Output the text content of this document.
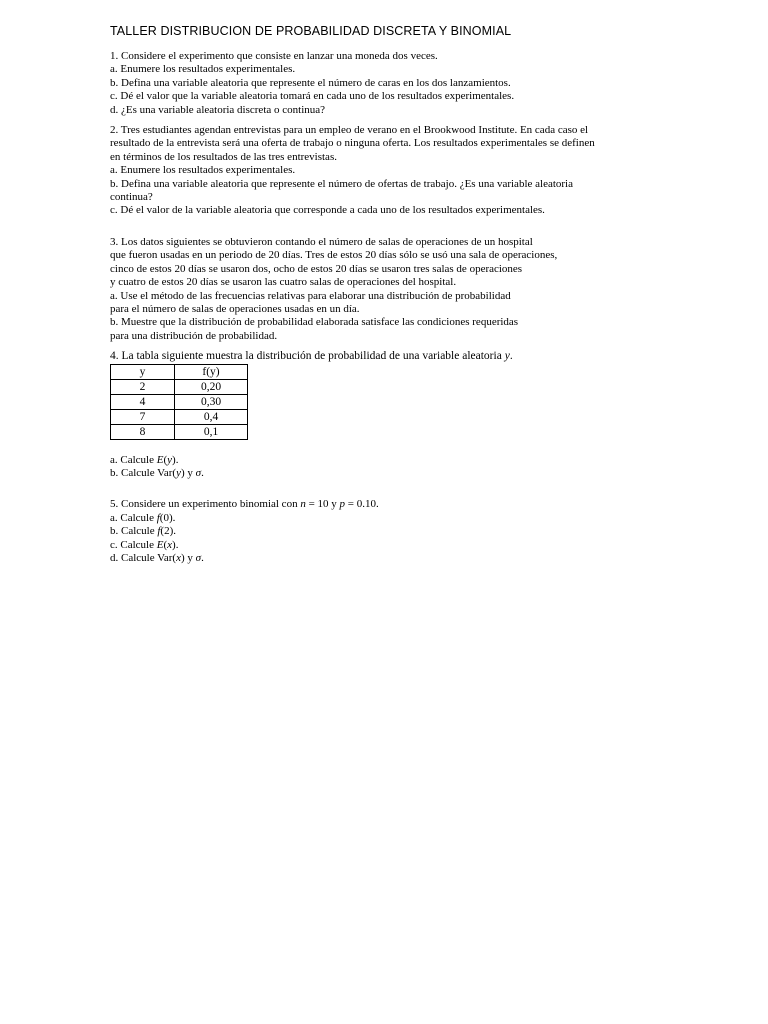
TALLER DISTRIBUCION DE PROBABILIDAD DISCRETA Y BINOMIAL
1. Considere el experimento que consiste en lanzar una moneda dos veces.
a. Enumere los resultados experimentales.
b. Defina una variable aleatoria que represente el número de caras en los dos lanzamientos.
c. Dé el valor que la variable aleatoria tomará en cada uno de los resultados experimentales.
d. ¿Es una variable aleatoria discreta o continua?
2. Tres estudiantes agendan entrevistas para un empleo de verano en el Brookwood Institute. En cada caso el
resultado de la entrevista será una oferta de trabajo o ninguna oferta. Los resultados experimentales se definen
en términos de los resultados de las tres entrevistas.
a. Enumere los resultados experimentales.
b. Defina una variable aleatoria que represente el número de ofertas de trabajo. ¿Es una variable aleatoria
continua?
c. Dé el valor de la variable aleatoria que corresponde a cada uno de los resultados experimentales.
3. Los datos siguientes se obtuvieron contando el número de salas de operaciones de un hospital
que fueron usadas en un periodo de 20 días. Tres de estos 20 días sólo se usó una sala de operaciones,
cinco de estos 20 días se usaron dos, ocho de estos 20 días se usaron tres salas de operaciones
y cuatro de estos 20 días se usaron las cuatro salas de operaciones del hospital.
a. Use el método de las frecuencias relativas para elaborar una distribución de probabilidad
para el número de salas de operaciones usadas en un día.
b. Muestre que la distribución de probabilidad elaborada satisface las condiciones requeridas
para una distribución de probabilidad.
4. La tabla siguiente muestra la distribución de probabilidad de una variable aleatoria y.
y	f(y)
2	0,20
4	0,30
7	0,4
8	0,1
a. Calcule E(y).
b. Calcule Var(y) y σ.
5. Considere un experimento binomial con n = 10 y p = 0.10.
a. Calcule f(0).
b. Calcule f(2).
c. Calcule E(x).
d. Calcule Var(x) y σ.
